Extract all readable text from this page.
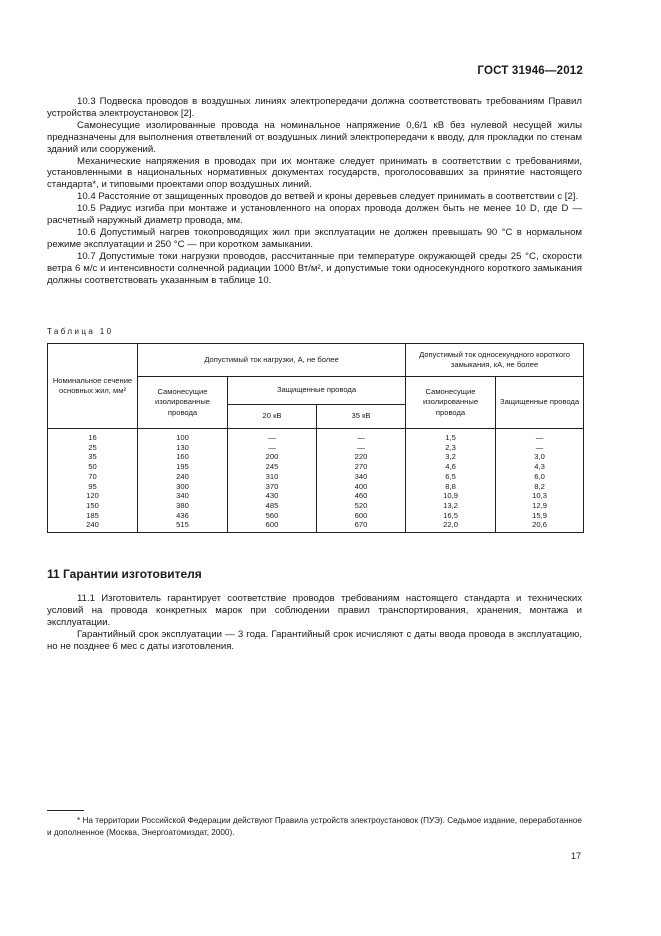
ГОСТ 31946—2012

10.3 Подвеска проводов в воздушных линиях электропередачи должна соответствовать требованиям Правил устройства электроустановок [2].

Самонесущие изолированные провода на номинальное напряжение 0,6/1 кВ без нулевой несущей жилы предназначены для выполнения ответвлений от воздушных линий электропередачи к вводу, для прокладки по стенам зданий или сооружений.

Механические напряжения в проводах при их монтаже следует принимать в соответствии с требованиями, установленными в национальных нормативных документах государств, проголосовавших за принятие настоящего стандарта*, и типовыми проектами опор воздушных линий.

10.4 Расстояние от защищенных проводов до ветвей и кроны деревьев следует принимать в соответствии с [2].

10.5 Радиус изгиба при монтаже и установленного на опорах провода должен быть не менее 10 D, где D — расчетный наружный диаметр провода, мм.

10.6 Допустимый нагрев токопроводящих жил при эксплуатации не должен превышать 90 °С в нормальном режиме эксплуатации и 250 °С — при коротком замыкании.

10.7 Допустимые токи нагрузки проводов, рассчитанные при температуре окружающей среды 25 °С, скорости ветра 6 м/с и интенсивности солнечной радиации 1000 Вт/м², и допустимые токи односекундного короткого замыкания должны соответствовать указанным в таблице 10.

Таблица 10
Номинальное сечение основных жил, мм²	Допустимый ток нагрузки, А, не более			Допустимый ток односекундного короткого замыкания, кА, не более	
	Самонесущие изолированные провода	Защищенные провода		Самонесущие изолированные провода	Защищенные провода
		20 кВ	35 кВ		
16	100	—	—	1,5	—
25	130	—	—	2,3	—
35	160	200	220	3,2	3,0
50	195	245	270	4,6	4,3
70	240	310	340	6,5	6,0
95	300	370	400	8,8	8,2
120	340	430	460	10,9	10,3
150	380	485	520	13,2	12,9
185	436	560	600	16,5	15,9
240	515	600	670	22,0	20,6
11 Гарантии изготовителя

11.1 Изготовитель гарантирует соответствие проводов требованиям настоящего стандарта и технических условий на провода конкретных марок при соблюдении правил транспортирования, хранения, монтажа и эксплуатации.

Гарантийный срок эксплуатации — 3 года. Гарантийный срок исчисляют с даты ввода провода в эксплуатацию, но не позднее 6 мес с даты изготовления.

* На территории Российской Федерации действуют Правила устройств электроустановок (ПУЭ). Седьмое издание, переработанное и дополненное (Москва, Энергоатомиздат, 2000).

17
